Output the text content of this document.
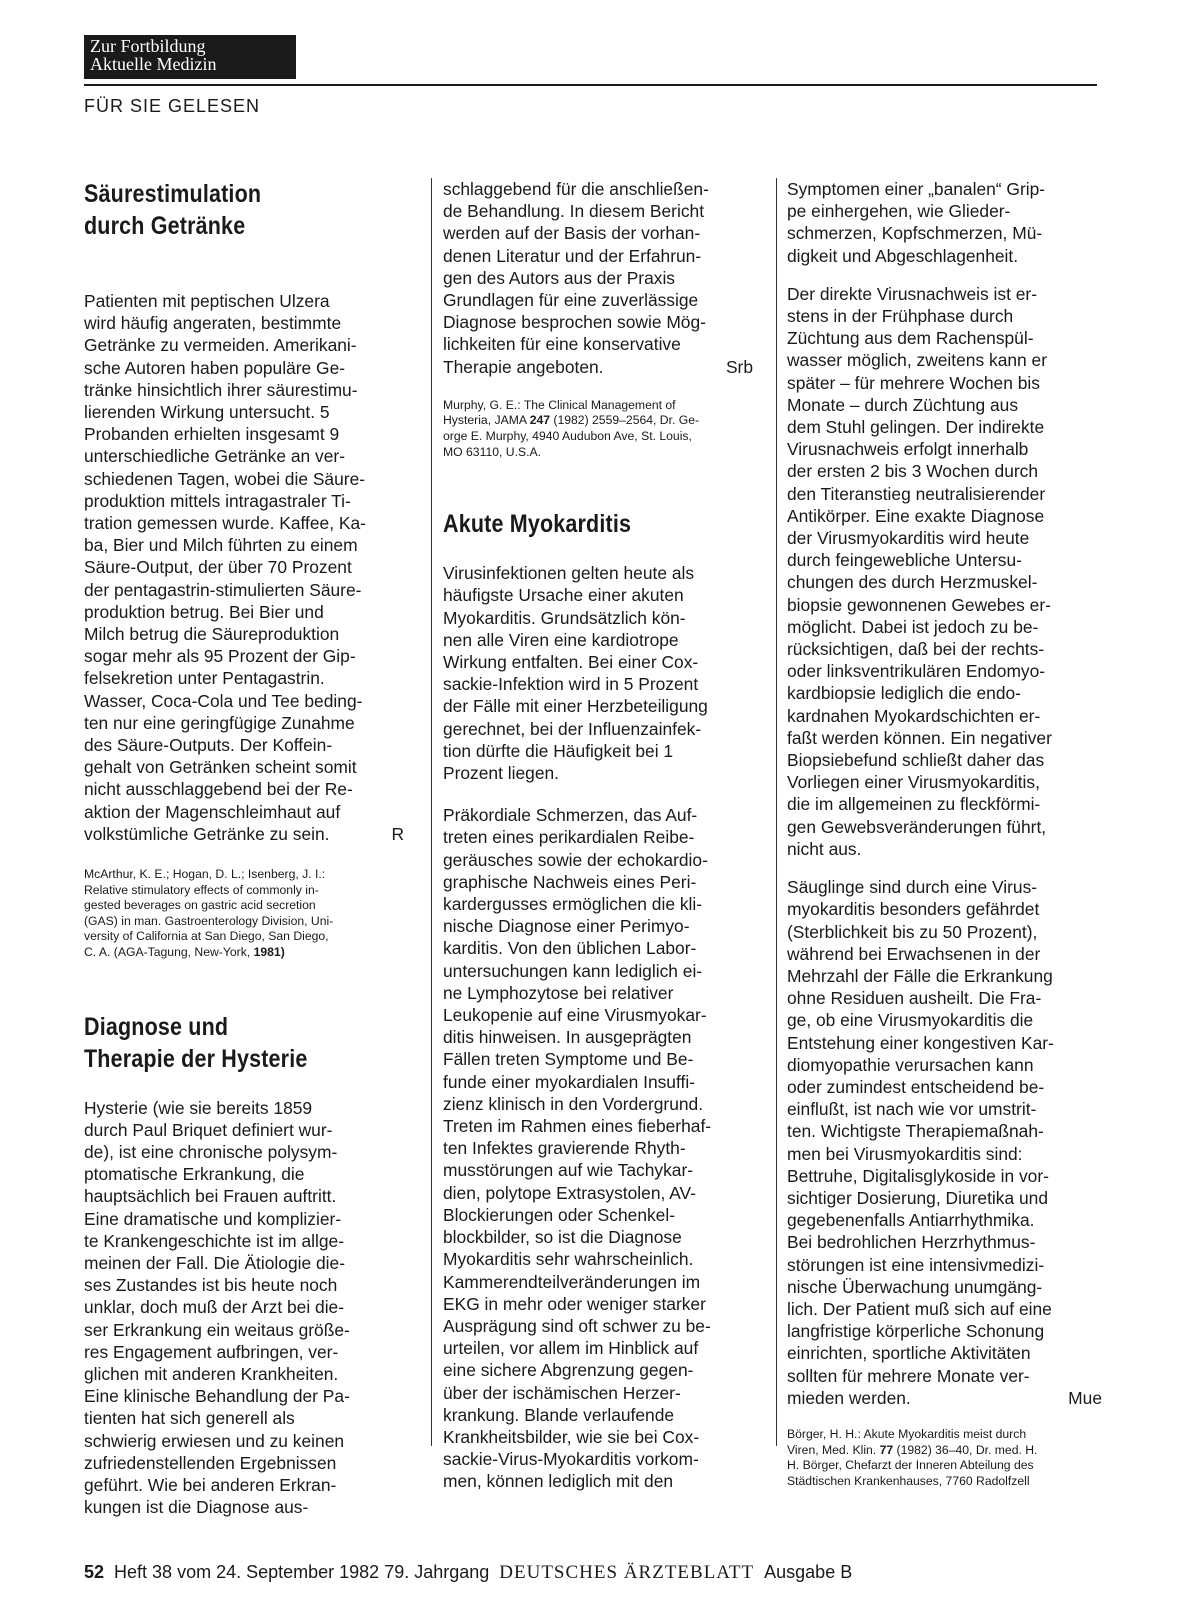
Zur Fortbildung
Aktuelle Medizin
FÜR SIE GELESEN
Säurestimulation
durch Getränke

Patienten mit peptischen Ulzera
wird häufig angeraten, bestimmte
Getränke zu vermeiden. Amerikani-
sche Autoren haben populäre Ge-
tränke hinsichtlich ihrer säurestimu-
lierenden Wirkung untersucht. 5
Probanden erhielten insgesamt 9
unterschiedliche Getränke an ver-
schiedenen Tagen, wobei die Säure-
produktion mittels intragastraler Ti-
tration gemessen wurde. Kaffee, Ka-
ba, Bier und Milch führten zu einem
Säure-Output, der über 70 Prozent
der pentagastrin-stimulierten Säure-
produktion betrug. Bei Bier und
Milch betrug die Säureproduktion
sogar mehr als 95 Prozent der Gip-
felsekretion unter Pentagastrin.
Wasser, Coca-Cola und Tee beding-
ten nur eine geringfügige Zunahme
des Säure-Outputs. Der Koffein-
gehalt von Getränken scheint somit
nicht ausschlaggebend bei der Re-
aktion der Magenschleimhaut auf
volkstümliche Getränke zu sein.	R

McArthur, K. E.; Hogan, D. L.; Isenberg, J. I.:
Relative stimulatory effects of commonly in-
gested beverages on gastric acid secretion
(GAS) in man. Gastroenterology Division, Uni-
versity of California at San Diego, San Diego,
C. A. (AGA-Tagung, New-York, 1981)

Diagnose und
Therapie der Hysterie

Hysterie (wie sie bereits 1859
durch Paul Briquet definiert wur-
de), ist eine chronische polysym-
ptomatische Erkrankung, die
hauptsächlich bei Frauen auftritt.
Eine dramatische und komplizier-
te Krankengeschichte ist im allge-
meinen der Fall. Die Ätiologie die-
ses Zustandes ist bis heute noch
unklar, doch muß der Arzt bei die-
ser Erkrankung ein weitaus größe-
res Engagement aufbringen, ver-
glichen mit anderen Krankheiten.
Eine klinische Behandlung der Pa-
tienten hat sich generell als
schwierig erwiesen und zu keinen
zufriedenstellenden Ergebnissen
geführt. Wie bei anderen Erkran-
kungen ist die Diagnose aus-

schlaggebend für die anschließen-
de Behandlung. In diesem Bericht
werden auf der Basis der vorhan-
denen Literatur und der Erfahrun-
gen des Autors aus der Praxis
Grundlagen für eine zuverlässige
Diagnose besprochen sowie Mög-
lichkeiten für eine konservative
Therapie angeboten.	Srb

Murphy, G. E.: The Clinical Management of
Hysteria, JAMA 247 (1982) 2559–2564, Dr. Ge-
orge E. Murphy, 4940 Audubon Ave, St. Louis,
MO 63110, U.S.A.

Akute Myokarditis

Virusinfektionen gelten heute als
häufigste Ursache einer akuten
Myokarditis. Grundsätzlich kön-
nen alle Viren eine kardiotrope
Wirkung entfalten. Bei einer Cox-
sackie-Infektion wird in 5 Prozent
der Fälle mit einer Herzbeteiligung
gerechnet, bei der Influenzainfek-
tion dürfte die Häufigkeit bei 1
Prozent liegen.

Präkordiale Schmerzen, das Auf-
treten eines perikardialen Reibe-
geräusches sowie der echokardio-
graphische Nachweis eines Peri-
kardergusses ermöglichen die kli-
nische Diagnose einer Perimyo-
karditis. Von den üblichen Labor-
untersuchungen kann lediglich ei-
ne Lymphozytose bei relativer
Leukopenie auf eine Virusmyokar-
ditis hinweisen. In ausgeprägten
Fällen treten Symptome und Be-
funde einer myokardialen Insuffi-
zienz klinisch in den Vordergrund.
Treten im Rahmen eines fieberhaf-
ten Infektes gravierende Rhyth-
musstörungen auf wie Tachykar-
dien, polytope Extrasystolen, AV-
Blockierungen oder Schenkel-
blockbilder, so ist die Diagnose
Myokarditis sehr wahrscheinlich.
Kammerendteilveränderungen im
EKG in mehr oder weniger starker
Ausprägung sind oft schwer zu be-
urteilen, vor allem im Hinblick auf
eine sichere Abgrenzung gegen-
über der ischämischen Herzer-
krankung. Blande verlaufende
Krankheitsbilder, wie sie bei Cox-
sackie-Virus-Myokarditis vorkom-
men, können lediglich mit den

Symptomen einer „banalen“ Grip-
pe einhergehen, wie Glieder-
schmerzen, Kopfschmerzen, Mü-
digkeit und Abgeschlagenheit.

Der direkte Virusnachweis ist er-
stens in der Frühphase durch
Züchtung aus dem Rachenspül-
wasser möglich, zweitens kann er
später – für mehrere Wochen bis
Monate – durch Züchtung aus
dem Stuhl gelingen. Der indirekte
Virusnachweis erfolgt innerhalb
der ersten 2 bis 3 Wochen durch
den Titeranstieg neutralisierender
Antikörper. Eine exakte Diagnose
der Virusmyokarditis wird heute
durch feingewebliche Untersu-
chungen des durch Herzmuskel-
biopsie gewonnenen Gewebes er-
möglicht. Dabei ist jedoch zu be-
rücksichtigen, daß bei der rechts-
oder linksventrikulären Endomyo-
kardbiopsie lediglich die endo-
kardnahen Myokardschichten er-
faßt werden können. Ein negativer
Biopsiebefund schließt daher das
Vorliegen einer Virusmyokarditis,
die im allgemeinen zu fleckförmi-
gen Gewebsveränderungen führt,
nicht aus.

Säuglinge sind durch eine Virus-
myokarditis besonders gefährdet
(Sterblichkeit bis zu 50 Prozent),
während bei Erwachsenen in der
Mehrzahl der Fälle die Erkrankung
ohne Residuen ausheilt. Die Fra-
ge, ob eine Virusmyokarditis die
Entstehung einer kongestiven Kar-
diomyopathie verursachen kann
oder zumindest entscheidend be-
einflußt, ist nach wie vor umstrit-
ten. Wichtigste Therapiemaßnah-
men bei Virusmyokarditis sind:
Bettruhe, Digitalisglykoside in vor-
sichtiger Dosierung, Diuretika und
gegebenenfalls Antiarrhythmika.
Bei bedrohlichen Herzrhythmus-
störungen ist eine intensivmedizi-
nische Überwachung unumgäng-
lich. Der Patient muß sich auf eine
langfristige körperliche Schonung
einrichten, sportliche Aktivitäten
sollten für mehrere Monate ver-
mieden werden.	Mue

Börger, H. H.: Akute Myokarditis meist durch
Viren, Med. Klin. 77 (1982) 36–40, Dr. med. H.
H. Börger, Chefarzt der Inneren Abteilung des
Städtischen Krankenhauses, 7760 Radolfzell

52 Heft 38 vom 24. September 1982 79. Jahrgang DEUTSCHES ÄRZTEBLATT Ausgabe B
